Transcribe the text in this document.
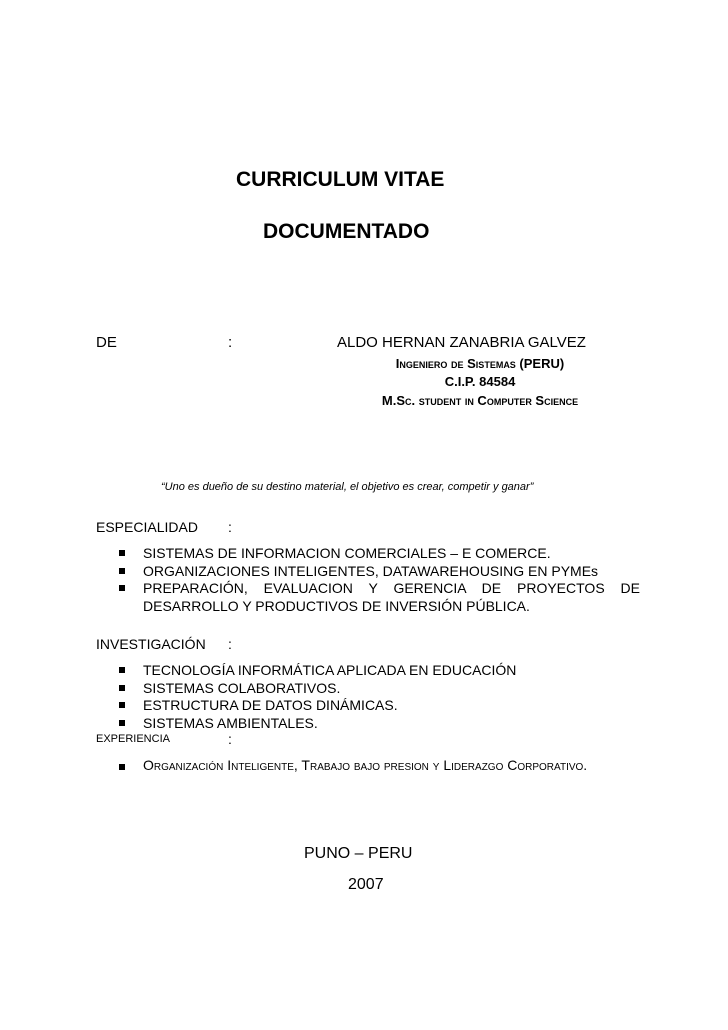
CURRICULUM VITAE
DOCUMENTADO
DE	:	ALDO HERNAN ZANABRIA GALVEZ
Ingeniero de Sistemas (PERU)
C.I.P. 84584
M.Sc. student in Computer Science
“Uno es dueño de su destino material, el objetivo es crear, competir y ganar”
ESPECIALIDAD :
SISTEMAS DE INFORMACION COMERCIALES – E COMERCE.
ORGANIZACIONES INTELIGENTES, DATAWAREHOUSING EN PYMEs
PREPARACIÓN, EVALUACION Y GERENCIA DE PROYECTOS DE DESARROLLO Y PRODUCTIVOS DE INVERSIÓN PÚBLICA.
INVESTIGACIÓN :
TECNOLOGÍA INFORMÁTICA APLICADA EN EDUCACIÓN
SISTEMAS COLABORATIVOS.
ESTRUCTURA DE DATOS DINÁMICAS.
SISTEMAS AMBIENTALES.
EXPERIENCIA	:
Organización Inteligente, Trabajo bajo presion y Liderazgo Corporativo.
PUNO – PERU
2007
